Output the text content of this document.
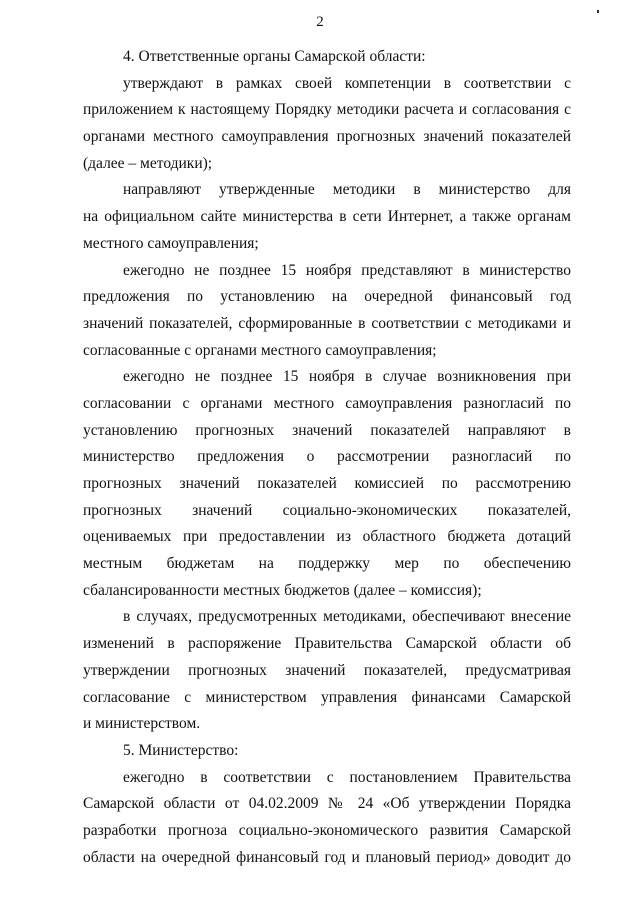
2
4. Ответственные органы Самарской области:
утверждают в рамках своей компетенции в соответствии с
приложением к настоящему Порядку методики расчета и согласования с
органами местного самоуправления прогнозных значений показателей
(далее – методики);
направляют утвержденные методики в министерство для
на официальном сайте министерства в сети Интернет, а также органам
местного самоуправления;
ежегодно не позднее 15 ноября представляют в министерство
предложения по установлению на очередной финансовый год
значений показателей, сформированные в соответствии с методиками и
согласованные с органами местного самоуправления;
ежегодно не позднее 15 ноября в случае возникновения при
согласовании с органами местного самоуправления разногласий по
установлению прогнозных значений показателей направляют в
министерство предложения о рассмотрении разногласий по
прогнозных значений показателей комиссией по рассмотрению
прогнозных значений социально-экономических показателей,
оцениваемых при предоставлении из областного бюджета дотаций
местным бюджетам на поддержку мер по обеспечению
сбалансированности местных бюджетов (далее – комиссия);
в случаях, предусмотренных методиками, обеспечивают внесение
изменений в распоряжение Правительства Самарской области об
утверждении прогнозных значений показателей, предусматривая
согласование с министерством управления финансами Самарской
и министерством.
5. Министерство:
ежегодно в соответствии с постановлением Правительства
Самарской области от 04.02.2009 № 24 «Об утверждении Порядка
разработки прогноза социально-экономического развития Самарской
области на очередной финансовый год и плановый период» доводит до
